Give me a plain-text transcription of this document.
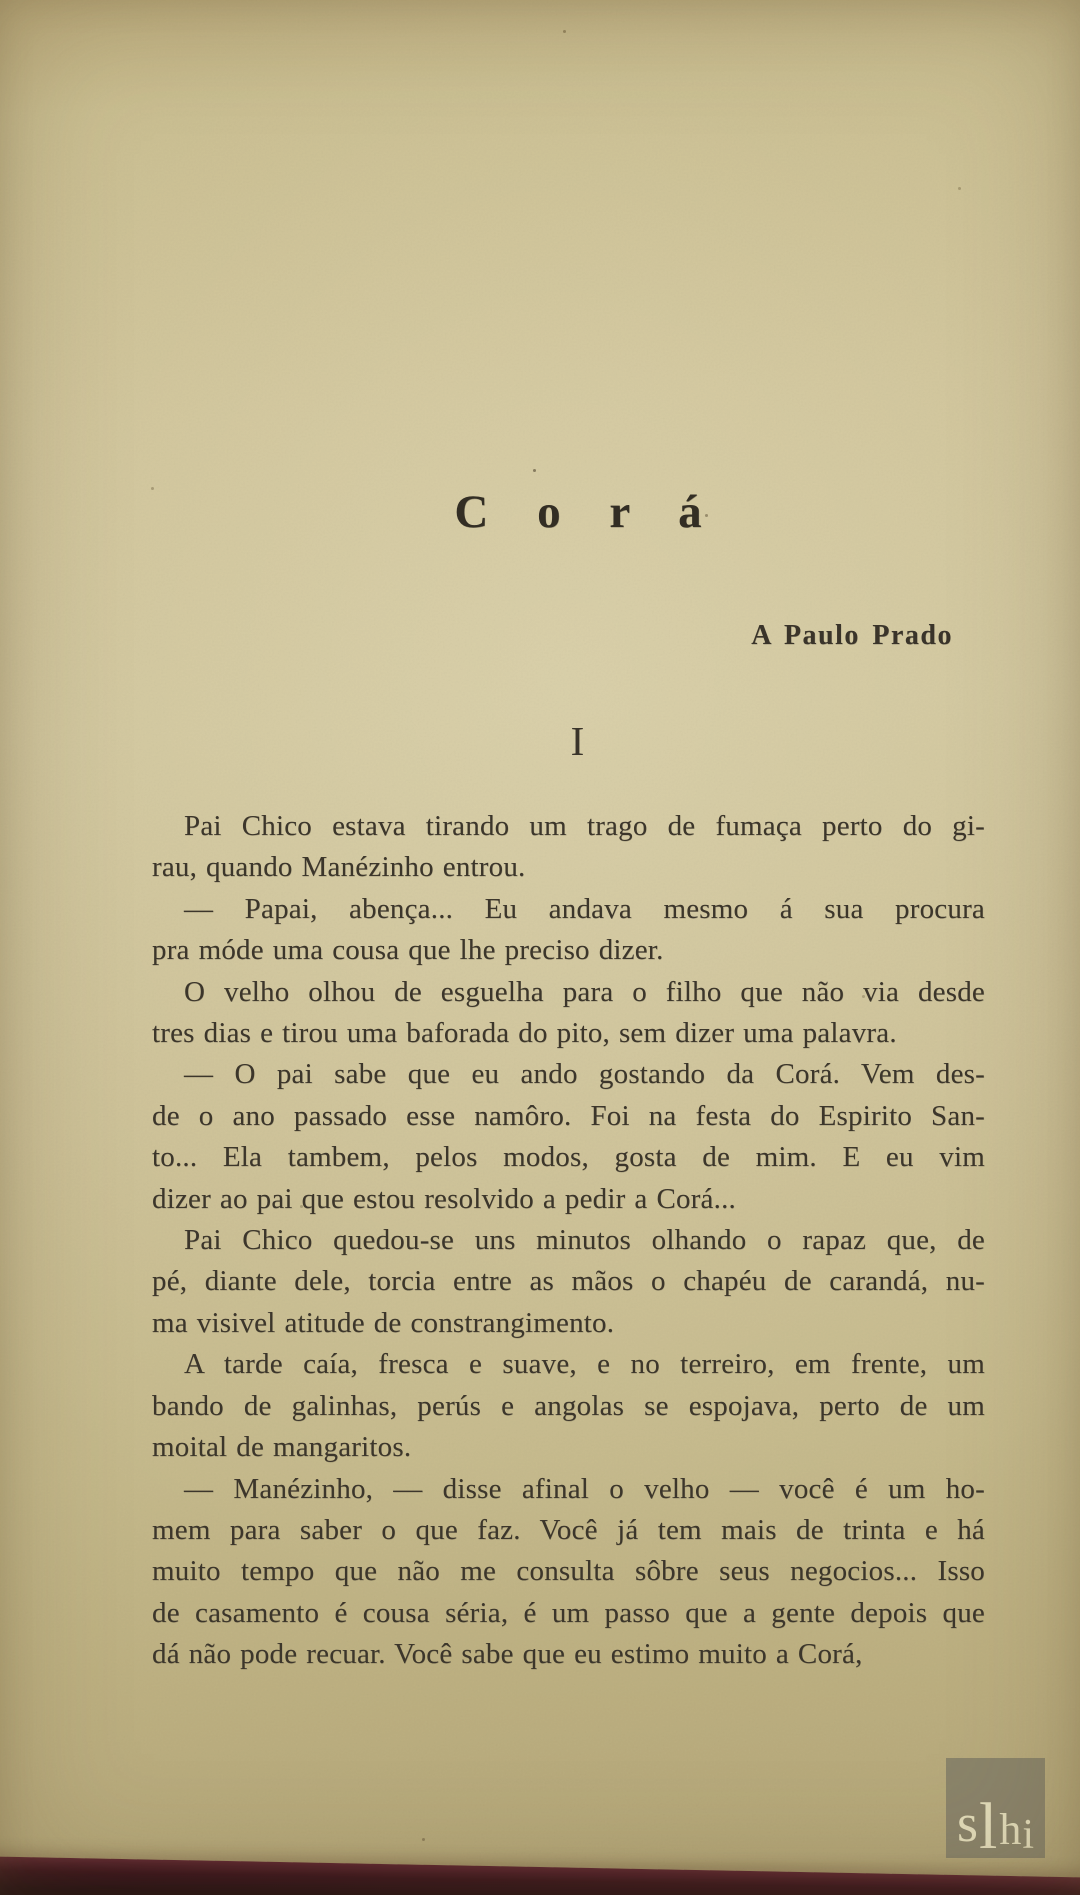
C o r á
A Paulo Prado
I
Pai Chico estava tirando um trago de fumaça perto do gi-
rau, quando Manézinho entrou.
— Papai, abença... Eu andava mesmo á sua procura
pra móde uma cousa que lhe preciso dizer.
O velho olhou de esguelha para o filho que não via desde
tres dias e tirou uma baforada do pito, sem dizer uma palavra.
— O pai sabe que eu ando gostando da Corá. Vem des-
de o ano passado esse namôro. Foi na festa do Espirito San-
to... Ela tambem, pelos modos, gosta de mim. E eu vim
dizer ao pai que estou resolvido a pedir a Corá...
Pai Chico quedou-se uns minutos olhando o rapaz que, de
pé, diante dele, torcia entre as mãos o chapéu de carandá, nu-
ma visivel atitude de constrangimento.
A tarde caía, fresca e suave, e no terreiro, em frente, um
bando de galinhas, perús e angolas se espojava, perto de um
moital de mangaritos.
— Manézinho, — disse afinal o velho — você é um ho-
mem para saber o que faz. Você já tem mais de trinta e há
muito tempo que não me consulta sôbre seus negocios... Isso
de casamento é cousa séria, é um passo que a gente depois que
dá não pode recuar. Você sabe que eu estimo muito a Corá,
s l h i
